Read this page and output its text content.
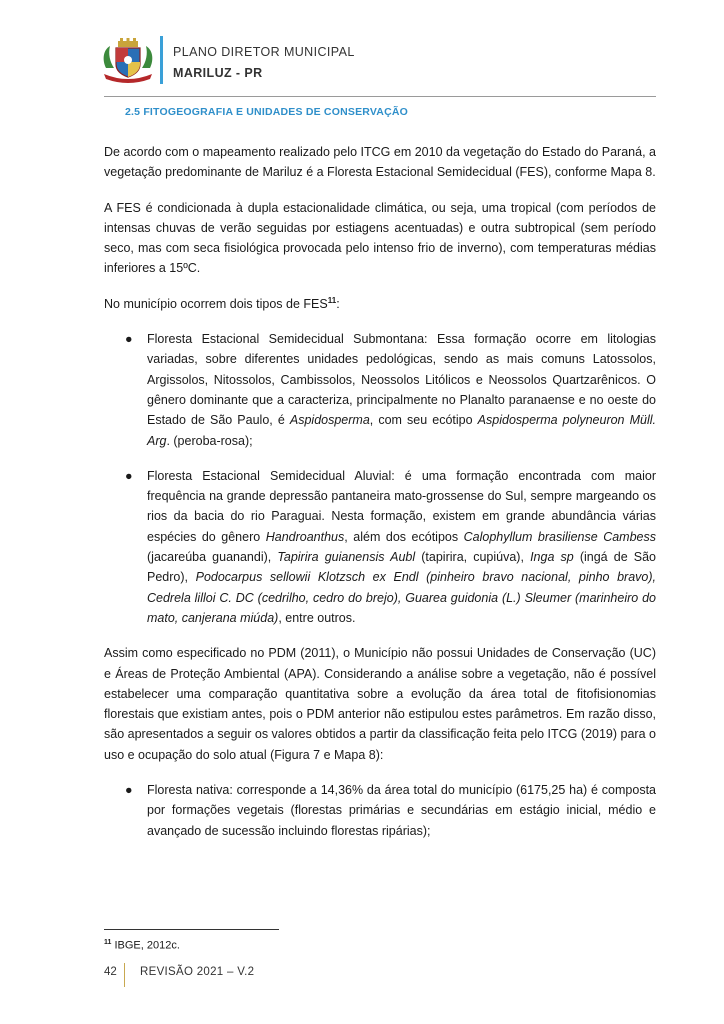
PLANO DIRETOR MUNICIPAL
MARILUZ - PR
2.5 FITOGEOGRAFIA E UNIDADES DE CONSERVAÇÃO

De acordo com o mapeamento realizado pelo ITCG em 2010 da vegetação do Estado do Paraná, a vegetação predominante de Mariluz é a Floresta Estacional Semidecidual (FES), conforme Mapa 8.

A FES é condicionada à dupla estacionalidade climática, ou seja, uma tropical (com períodos de intensas chuvas de verão seguidas por estiagens acentuadas) e outra subtropical (sem período seco, mas com seca fisiológica provocada pelo intenso frio de inverno), com temperaturas médias inferiores a 15ºC.

No município ocorrem dois tipos de FES$^{11}$:

● Floresta Estacional Semidecidual Submontana: Essa formação ocorre em litologias variadas, sobre diferentes unidades pedológicas, sendo as mais comuns Latossolos, Argissolos, Nitossolos, Cambissolos, Neossolos Litólicos e Neossolos Quartzarênicos. O gênero dominante que a caracteriza, principalmente no Planalto paranaense e no oeste do Estado de São Paulo, é Aspidosperma, com seu ecótipo Aspidosperma polyneuron Müll. Arg. (peroba-rosa);
● Floresta Estacional Semidecidual Aluvial: é uma formação encontrada com maior frequência na grande depressão pantaneira mato-grossense do Sul, sempre margeando os rios da bacia do rio Paraguai. Nesta formação, existem em grande abundância várias espécies do gênero Handroanthus, além dos ecótipos Calophyllum brasiliense Cambess (jacareúba guanandi), Tapirira guianensis Aubl (tapirira, cupiúva), Inga sp (ingá de São Pedro), Podocarpus sellowii Klotzsch ex Endl (pinheiro bravo nacional, pinho bravo), Cedrela lilloi C. DC (cedrilho, cedro do brejo), Guarea guidonia (L.) Sleumer (marinheiro do mato, canjerana miúda), entre outros.

Assim como especificado no PDM (2011), o Município não possui Unidades de Conservação (UC) e Áreas de Proteção Ambiental (APA). Considerando a análise sobre a vegetação, não é possível estabelecer uma comparação quantitativa sobre a evolução da área total de fitofisionomias florestais que existiam antes, pois o PDM anterior não estipulou estes parâmetros. Em razão disso, são apresentados a seguir os valores obtidos a partir da classificação feita pelo ITCG (2019) para o uso e ocupação do solo atual (Figura 7 e Mapa 8):

● Floresta nativa: corresponde a 14,36% da área total do município (6175,25 ha) é composta por formações vegetais (florestas primárias e secundárias em estágio inicial, médio e avançado de sucessão incluindo florestas ripárias);
$^{11}$ IBGE, 2012c.
42 REVISÃO 2021 – V.2
